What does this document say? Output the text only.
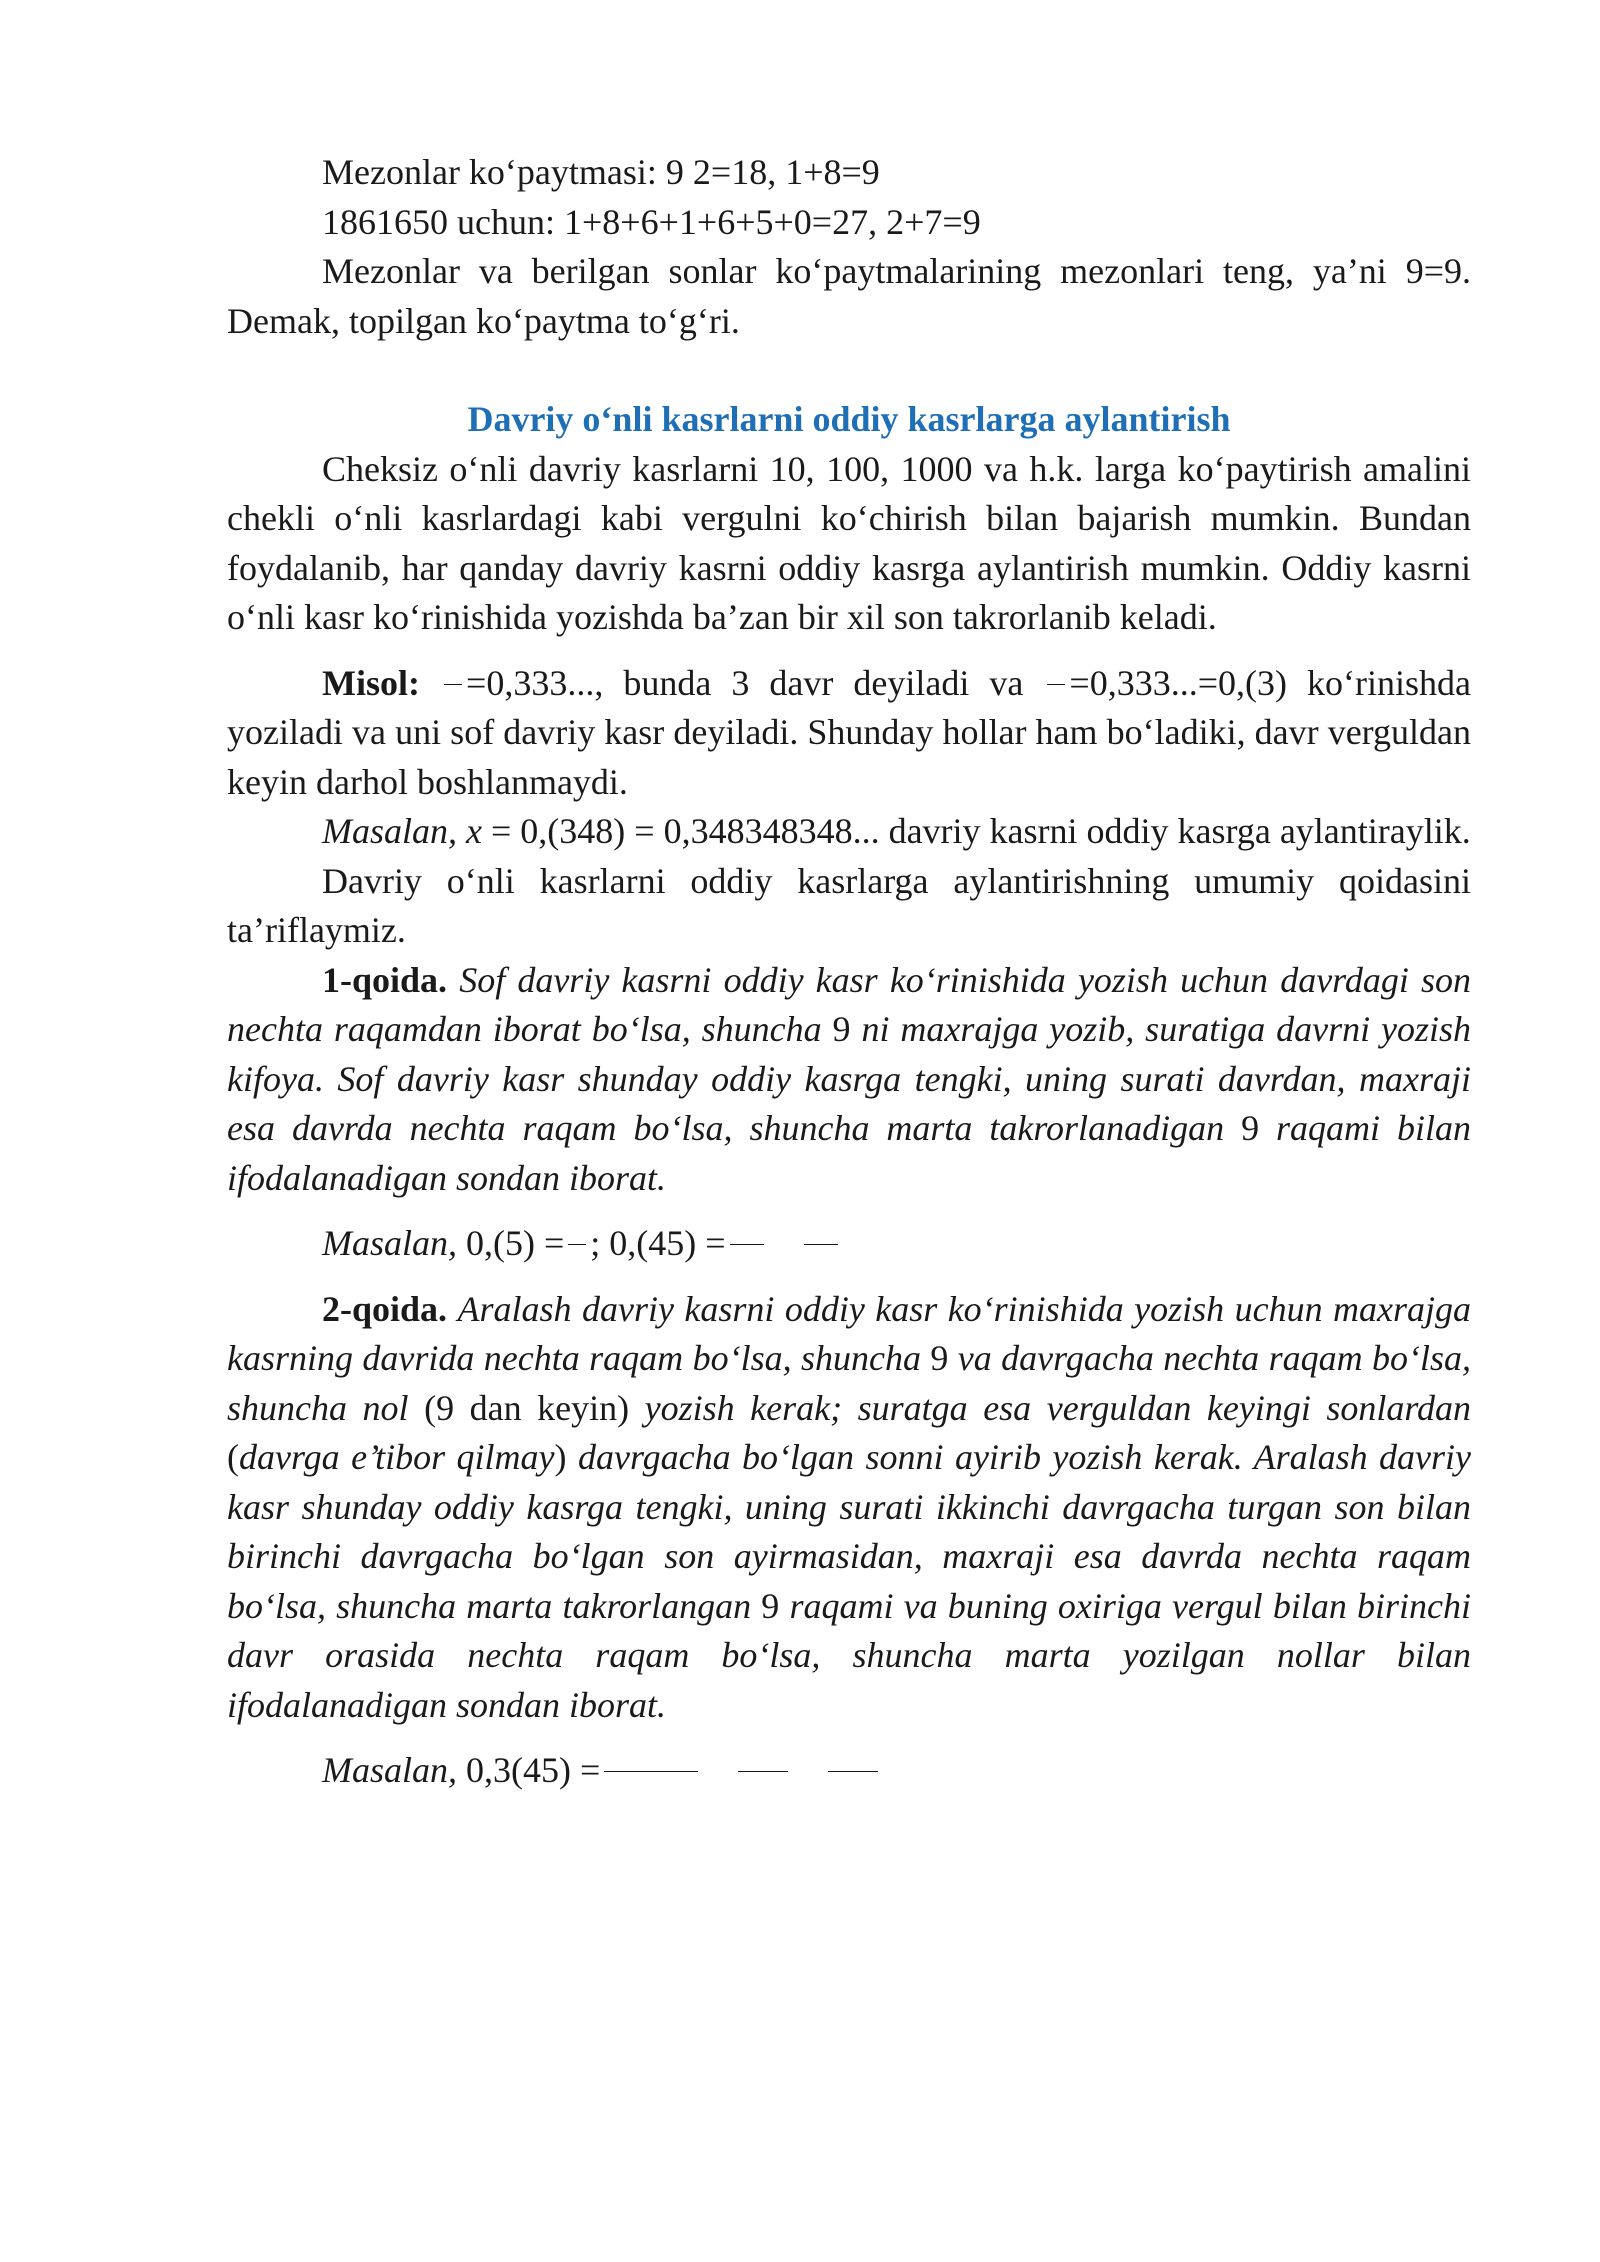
Mezonlar ko‘paytmasi: 9 2=18, 1+8=9

1861650 uchun: 1+8+6+1+6+5+0=27, 2+7=9

Mezonlar va berilgan sonlar ko‘paytmalarining mezonlari teng, ya’ni 9=9. Demak, topilgan ko‘paytma to‘g‘ri.

Davriy o‘nli kasrlarni oddiy kasrlarga aylantirish

Cheksiz o‘nli davriy kasrlarni 10, 100, 1000 va h.k. larga ko‘paytirish amalini chekli o‘nli kasrlardagi kabi vergulni ko‘chirish bilan bajarish mumkin. Bundan foydalanib, har qanday davriy kasrni oddiy kasrga aylantirish mumkin. Oddiy kasrni o‘nli kasr ko‘rinishida yozishda ba’zan bir xil son takrorlanib keladi.

Misol: =0,333..., bunda 3 davr deyiladi va =0,333...=0,(3) ko‘rinishda yoziladi va uni sof davriy kasr deyiladi. Shunday hollar ham bo‘ladiki, davr verguldan keyin darhol boshlanmaydi.

Masalan, x = 0,(348) = 0,348348348... davriy kasrni oddiy kasrga aylantiraylik.

Davriy o‘nli kasrlarni oddiy kasrlarga aylantirishning umumiy qoidasini ta’riflaymiz.

1-qoida. Sof davriy kasrni oddiy kasr ko‘rinishida yozish uchun davrdagi son nechta raqamdan iborat bo‘lsa, shuncha 9 ni maxrajga yozib, suratiga davrni yozish kifoya. Sof davriy kasr shunday oddiy kasrga tengki, uning surati davrdan, maxraji esa davrda nechta raqam bo‘lsa, shuncha marta takrorlanadigan 9 raqami bilan ifodalanadigan sondan iborat.

Masalan, 0,(5) = ; 0,(45) =

2-qoida. Aralash davriy kasrni oddiy kasr ko‘rinishida yozish uchun maxrajga kasrning davrida nechta raqam bo‘lsa, shuncha 9 va davrgacha nechta raqam bo‘lsa, shuncha nol (9 dan keyin) yozish kerak; suratga esa verguldan keyingi sonlardan (davrga e’tibor qilmay) davrgacha bo‘lgan sonni ayirib yozish kerak. Aralash davriy kasr shunday oddiy kasrga tengki, uning surati ikkinchi davrgacha turgan son bilan birinchi davrgacha bo‘lgan son ayirmasidan, maxraji esa davrda nechta raqam bo‘lsa, shuncha marta takrorlangan 9 raqami va buning oxiriga vergul bilan birinchi davr orasida nechta raqam bo‘lsa, shuncha marta yozilgan nollar bilan ifodalanadigan sondan iborat.

Masalan, 0,3(45) =
